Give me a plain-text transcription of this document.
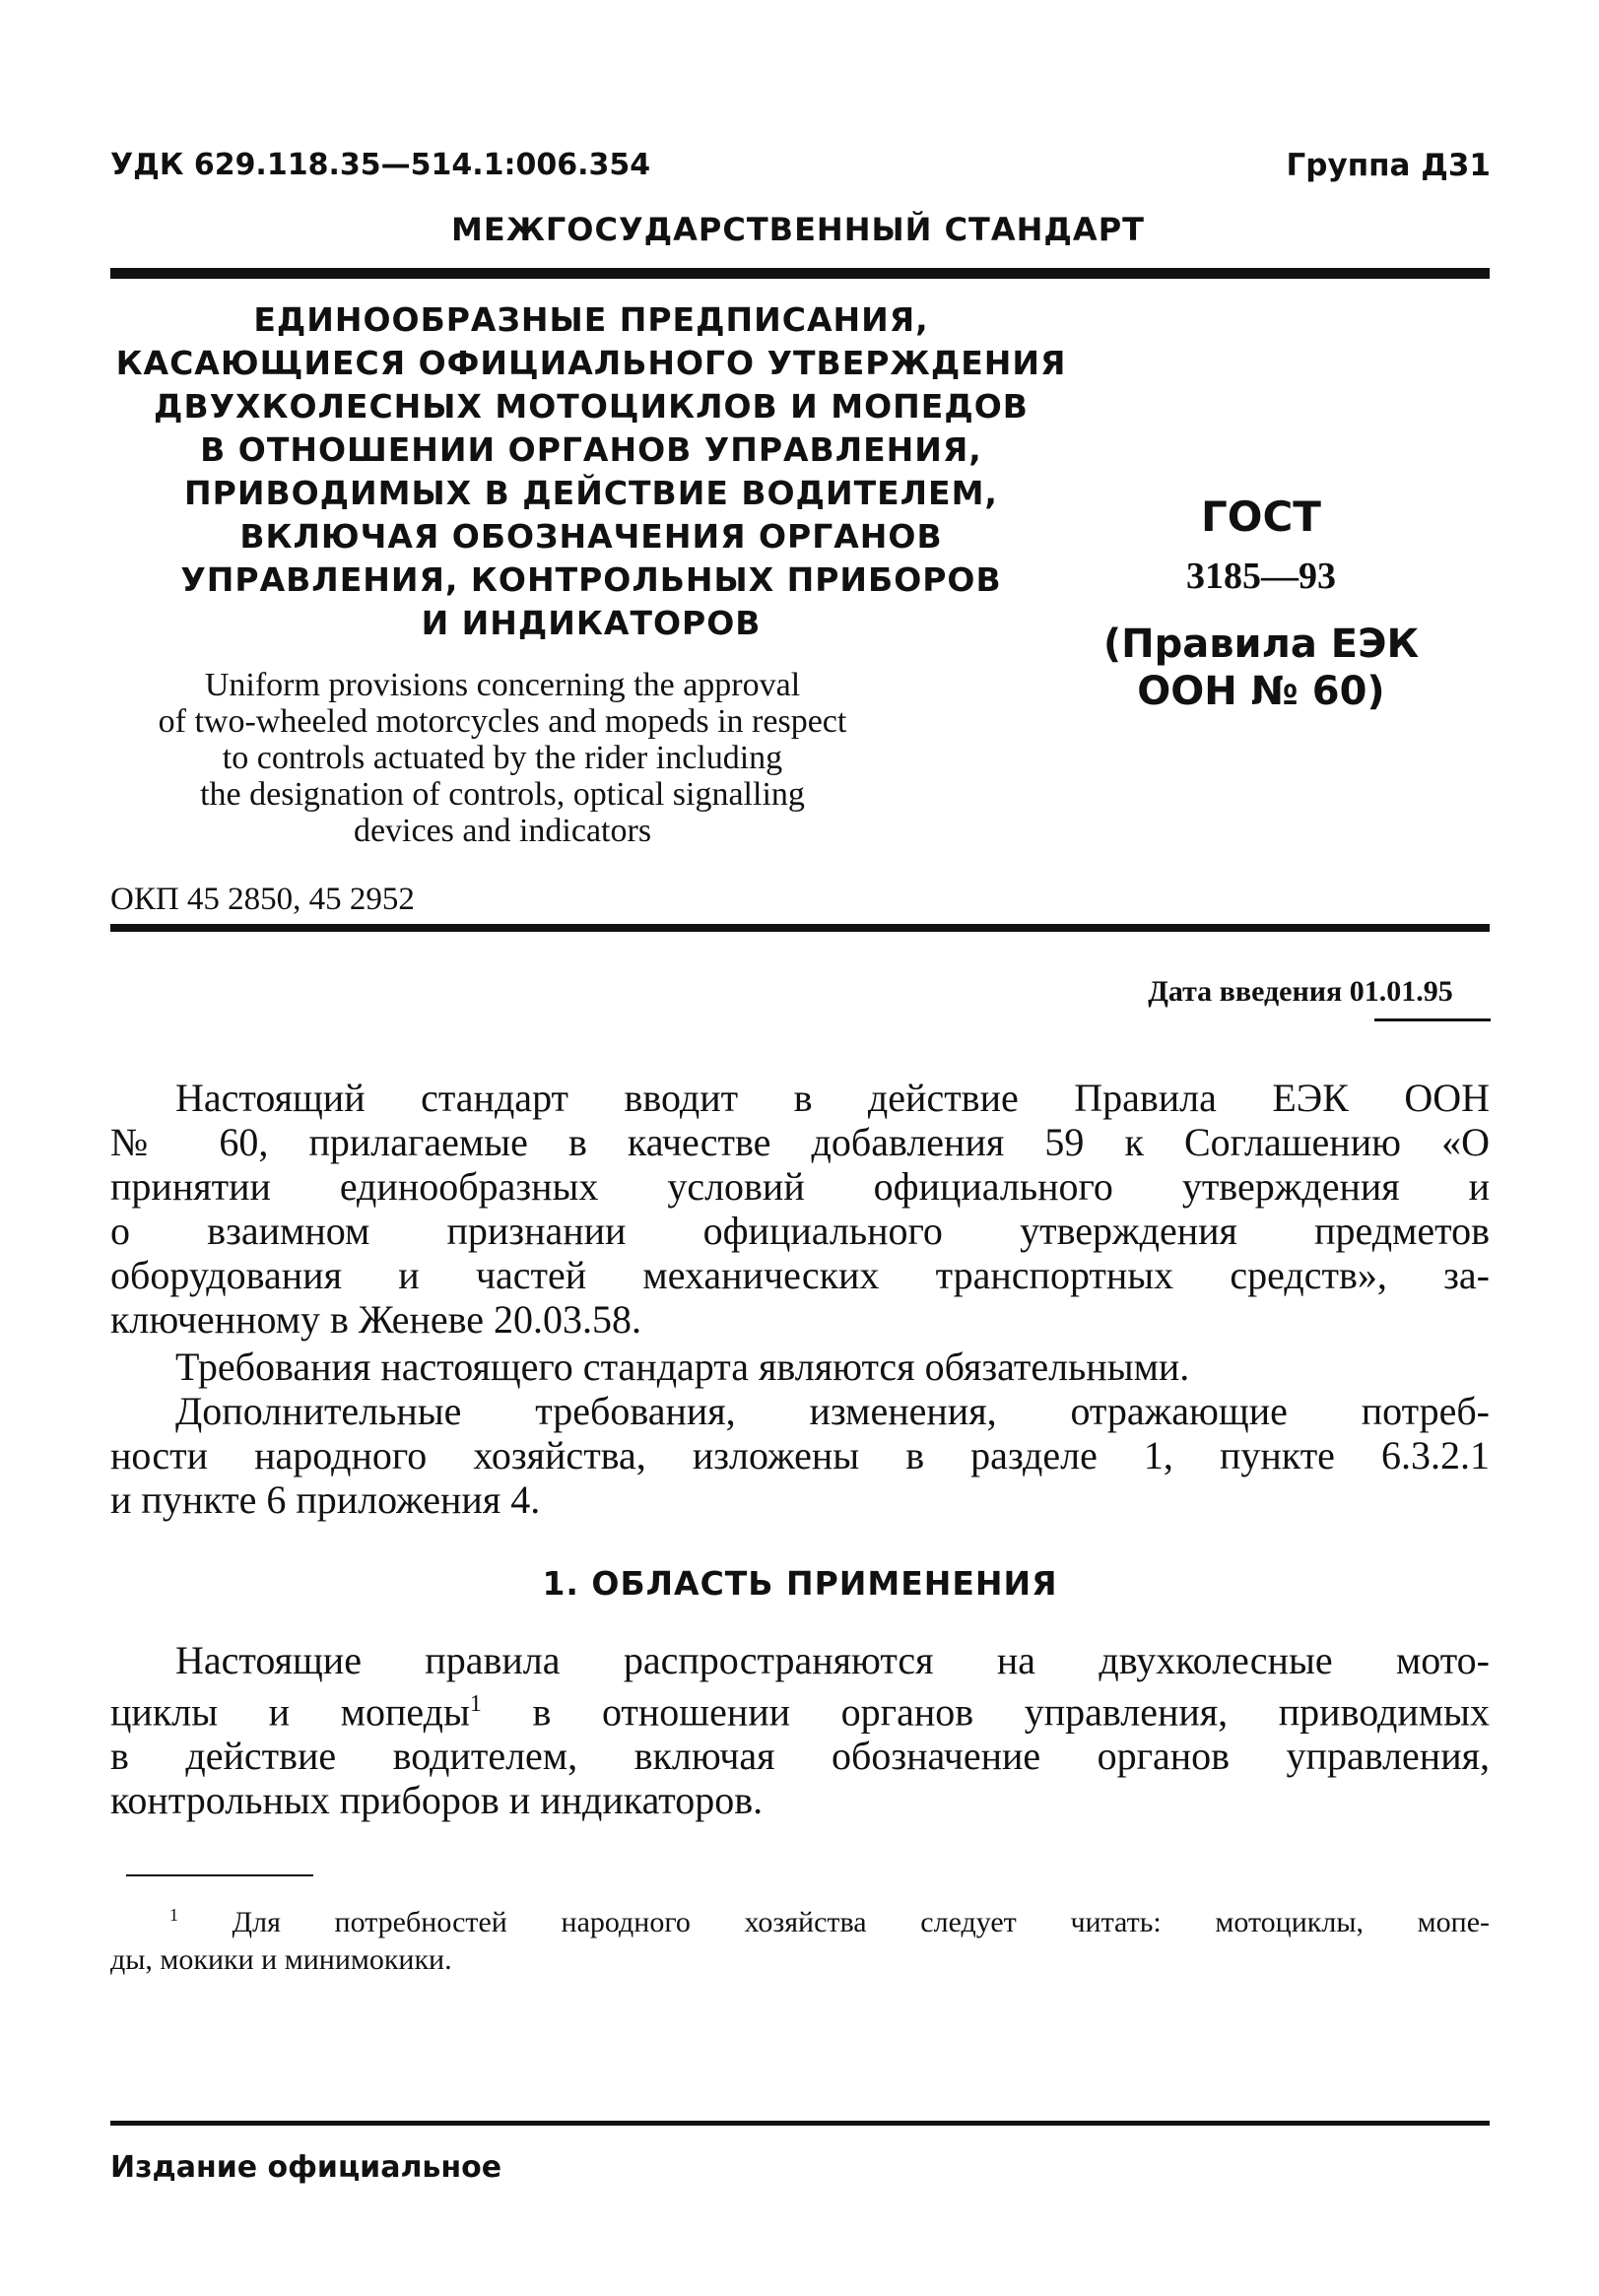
УДК 629.118.35—514.1:006.354	Группа Д31
МЕЖГОСУДАРСТВЕННЫЙ СТАНДАРТ
ЕДИНООБРАЗНЫЕ ПРЕДПИСАНИЯ,
КАСАЮЩИЕСЯ ОФИЦИАЛЬНОГО УТВЕРЖДЕНИЯ
ДВУХКОЛЕСНЫХ МОТОЦИКЛОВ И МОПЕДОВ
В ОТНОШЕНИИ ОРГАНОВ УПРАВЛЕНИЯ,
ПРИВОДИМЫХ В ДЕЙСТВИЕ ВОДИТЕЛЕМ,
ВКЛЮЧАЯ ОБОЗНАЧЕНИЯ ОРГАНОВ
УПРАВЛЕНИЯ, КОНТРОЛЬНЫХ ПРИБОРОВ
И ИНДИКАТОРОВ
Uniform provisions concerning the approval
of two-wheeled motorcycles and mopeds in respect
to controls actuated by the rider including
the designation of controls, optical signalling
devices and indicators
ГОСТ
3185—93
(Правила ЕЭК
ООН № 60)
ОКП 45 2850, 45 2952
Дата введения 01.01.95
Настоящий стандарт вводит в действие Правила ЕЭК ООН
№ 60, прилагаемые в качестве добавления 59 к Соглашению «О
принятии единообразных условий официального утверждения и
о взаимном признании официального утверждения предметов
оборудования и частей механических транспортных средств», за-
ключенному в Женеве 20.03.58.
Требования настоящего стандарта являются обязательными.
Дополнительные требования, изменения, отражающие потреб-
ности народного хозяйства, изложены в разделе 1, пункте 6.3.2.1
и пункте 6 приложения 4.
1. ОБЛАСТЬ ПРИМЕНЕНИЯ
Настоящие правила распространяются на двухколесные мото-
циклы и мопеды$^1$ в отношении органов управления, приводимых
в действие водителем, включая обозначение органов управления,
контрольных приборов и индикаторов.
$^1$ Для потребностей народного хозяйства следует читать: мотоциклы, мопе-
ды, мокики и минимокики.
Издание официальное
